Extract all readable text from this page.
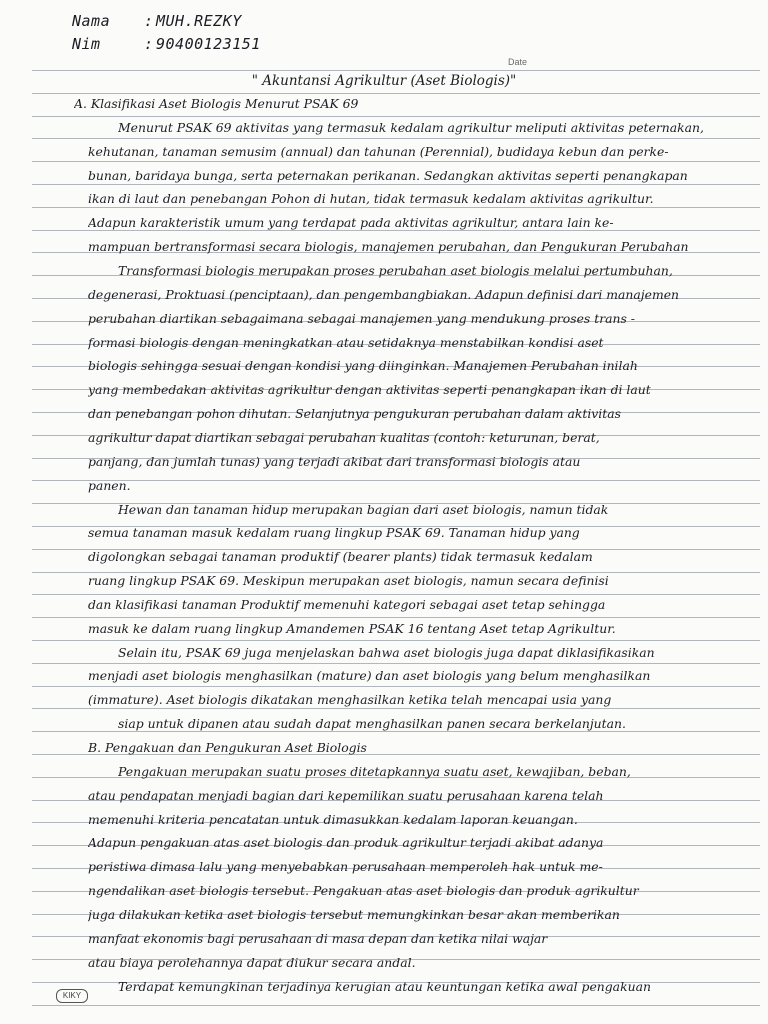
Nama : MUH.REZKY
Nim	: 90400123151
Date
" Akuntansi Agrikultur (Aset Biologis)"
A. Klasifikasi Aset Biologis Menurut PSAK 69
Menurut PSAK 69 aktivitas yang termasuk kedalam agrikultur meliputi aktivitas peternakan,
kehutanan, tanaman semusim (annual) dan tahunan (Perennial), budidaya kebun dan perke-
bunan, baridaya bunga, serta peternakan perikanan. Sedangkan aktivitas seperti penangkapan
ikan di laut dan penebangan Pohon di hutan, tidak termasuk kedalam aktivitas agrikultur.
Adapun karakteristik umum yang terdapat pada aktivitas agrikultur, antara lain ke-
mampuan bertransformasi secara biologis, manajemen perubahan, dan Pengukuran Perubahan
Transformasi biologis merupakan proses perubahan aset biologis melalui pertumbuhan,
degenerasi, Proktuasi (penciptaan), dan pengembangbiakan. Adapun definisi dari manajemen
perubahan diartikan sebagaimana sebagai manajemen yang mendukung proses trans -
formasi biologis dengan meningkatkan atau setidaknya menstabilkan kondisi aset
biologis sehingga sesuai dengan kondisi yang diinginkan. Manajemen Perubahan inilah
yang membedakan aktivitas agrikultur dengan aktivitas seperti penangkapan ikan di laut
dan penebangan pohon dihutan. Selanjutnya pengukuran perubahan dalam aktivitas
agrikultur dapat diartikan sebagai perubahan kualitas (contoh: keturunan, berat,
panjang, dan jumlah tunas) yang terjadi akibat dari transformasi biologis atau
panen.
Hewan dan tanaman hidup merupakan bagian dari aset biologis, namun tidak
semua tanaman masuk kedalam ruang lingkup PSAK 69. Tanaman hidup yang
digolongkan sebagai tanaman produktif (bearer plants) tidak termasuk kedalam
ruang lingkup PSAK 69. Meskipun merupakan aset biologis, namun secara definisi
dan klasifikasi tanaman Produktif memenuhi kategori sebagai aset tetap sehingga
masuk ke dalam ruang lingkup Amandemen PSAK 16 tentang Aset tetap Agrikultur.
Selain itu, PSAK 69 juga menjelaskan bahwa aset biologis juga dapat diklasifikasikan
menjadi aset biologis menghasilkan (mature) dan aset biologis yang belum menghasilkan
(immature). Aset biologis dikatakan menghasilkan ketika telah mencapai usia yang
siap untuk dipanen atau sudah dapat menghasilkan panen secara berkelanjutan.
B. Pengakuan dan Pengukuran Aset Biologis
Pengakuan merupakan suatu proses ditetapkannya suatu aset, kewajiban, beban,
atau pendapatan menjadi bagian dari kepemilikan suatu perusahaan karena telah
memenuhi kriteria pencatatan untuk dimasukkan kedalam laporan keuangan.
Adapun pengakuan atas aset biologis dan produk agrikultur terjadi akibat adanya
peristiwa dimasa lalu yang menyebabkan perusahaan memperoleh hak untuk me-
ngendalikan aset biologis tersebut. Pengakuan atas aset biologis dan produk agrikultur
juga dilakukan ketika aset biologis tersebut memungkinkan besar akan memberikan
manfaat ekonomis bagi perusahaan di masa depan dan ketika nilai wajar
atau biaya perolehannya dapat diukur secara andal.
Terdapat kemungkinan terjadinya kerugian atau keuntungan ketika awal pengakuan
KIKY
